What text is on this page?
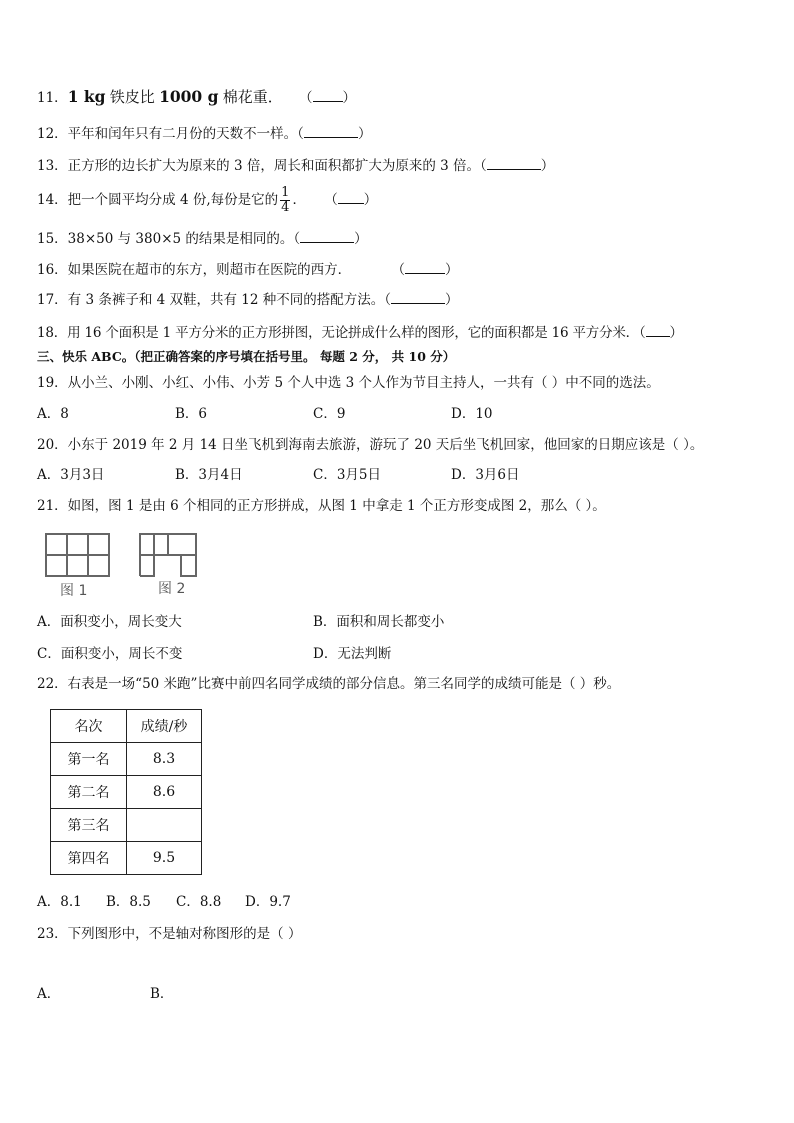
11．1 kg 铁皮比 1000 g 棉花重． （ ）
12．平年和闰年只有二月份的天数不一样。（	）
13．正方形的边长扩大为原来的 3 倍，周长和面积都扩大为原来的 3 倍。（	）
14．把一个圆平均分成 4 份,每份是它的 $\frac{1}{4}$ ． （ ）
15．38×50 与 380×5 的结果是相同的。（	）
16．如果医院在超市的东方，则超市在医院的西方．	（	）
17．有 3 条裤子和 4 双鞋，共有 12 种不同的搭配方法。（	）
18．用 16 个面积是 1 平方分米的正方形拼图，无论拼成什么样的图形，它的面积都是 16 平方分米．（ ）
三、快乐 ABC。（把正确答案的序号填在括号里。 每题 2 分， 共 10 分）
19．从小兰、小刚、小红、小伟、小芳 5 个人中选 3 个人作为节目主持人，一共有（ ）中不同的选法。
A．8	B．6	C．9	D．10
20．小东于 2019 年 2 月 14 日坐飞机到海南去旅游，游玩了 20 天后坐飞机回家，他回家的日期应该是（ ）。
A．3月3日	B．3月4日	C．3月5日	D．3月6日
21．如图，图 1 是由 6 个相同的正方形拼成，从图 1 中拿走 1 个正方形变成图 2，那么（ ）。
图 1	图 2
A．面积变小，周长变大	B．面积和周长都变小
C．面积变小，周长不变	D．无法判断
22．右表是一场“50 米跑”比赛中前四名同学成绩的部分信息。第三名同学的成绩可能是（ ）秒。
名次	成绩/秒
第一名	8.3
第二名	8.6
第三名	
第四名	9.5
A．8.1 B．8.5 C．8.8 D．9.7
23．下列图形中，不是轴对称图形的是（ ）
A．	B．
